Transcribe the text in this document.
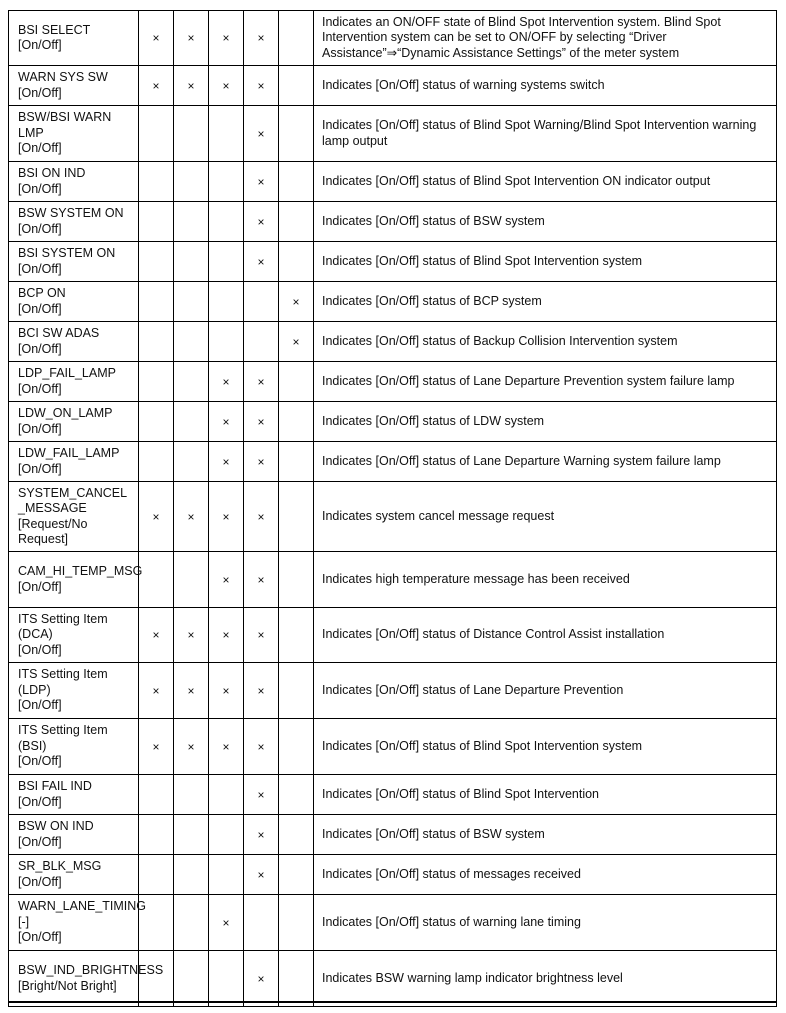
BSI SELECT
[On/Off]	×	×	×	×		Indicates an ON/OFF state of Blind Spot Intervention system. Blind Spot Intervention system can be set to ON/OFF by selecting “Driver Assistance”⇒“Dynamic Assistance Settings” of the meter system

WARN SYS SW
[On/Off]	×	×	×	×		Indicates [On/Off] status of warning systems switch

BSW/BSI WARN LMP
[On/Off]				×		Indicates [On/Off] status of Blind Spot Warning/Blind Spot Intervention warning lamp output

BSI ON IND
[On/Off]				×		Indicates [On/Off] status of Blind Spot Intervention ON indicator output

BSW SYSTEM ON
[On/Off]				×		Indicates [On/Off] status of BSW system

BSI SYSTEM ON
[On/Off]				×		Indicates [On/Off] status of Blind Spot Intervention system

BCP ON
[On/Off]					×	Indicates [On/Off] status of BCP system

BCI SW ADAS
[On/Off]					×	Indicates [On/Off] status of Backup Collision Intervention system

LDP_FAIL_LAMP
[On/Off]			×	×		Indicates [On/Off] status of Lane Departure Prevention system failure lamp

LDW_ON_LAMP
[On/Off]			×	×		Indicates [On/Off] status of LDW system

LDW_FAIL_LAMP
[On/Off]			×	×		Indicates [On/Off] status of Lane Departure Warning system failure lamp

SYSTEM_CANCEL _MESSAGE
[Request/No Request]	×	×	×	×		Indicates system cancel message request

CAM_HI_TEMP_MSG
[On/Off]			×	×		Indicates high temperature message has been received

ITS Setting Item (DCA)
[On/Off]	×	×	×	×		Indicates [On/Off] status of Distance Control Assist installation

ITS Setting Item (LDP)
[On/Off]	×	×	×	×		Indicates [On/Off] status of Lane Departure Prevention

ITS Setting Item (BSI)
[On/Off]	×	×	×	×		Indicates [On/Off] status of Blind Spot Intervention system

BSI FAIL IND
[On/Off]				×		Indicates [On/Off] status of Blind Spot Intervention

BSW ON IND
[On/Off]				×		Indicates [On/Off] status of BSW system

SR_BLK_MSG
[On/Off]				×		Indicates [On/Off] status of messages received

WARN_LANE_TIMING [-]
[On/Off]			×			Indicates [On/Off] status of warning lane timing

BSW_IND_BRIGHTNESS
[Bright/Not Bright]				×		Indicates BSW warning lamp indicator brightness level
